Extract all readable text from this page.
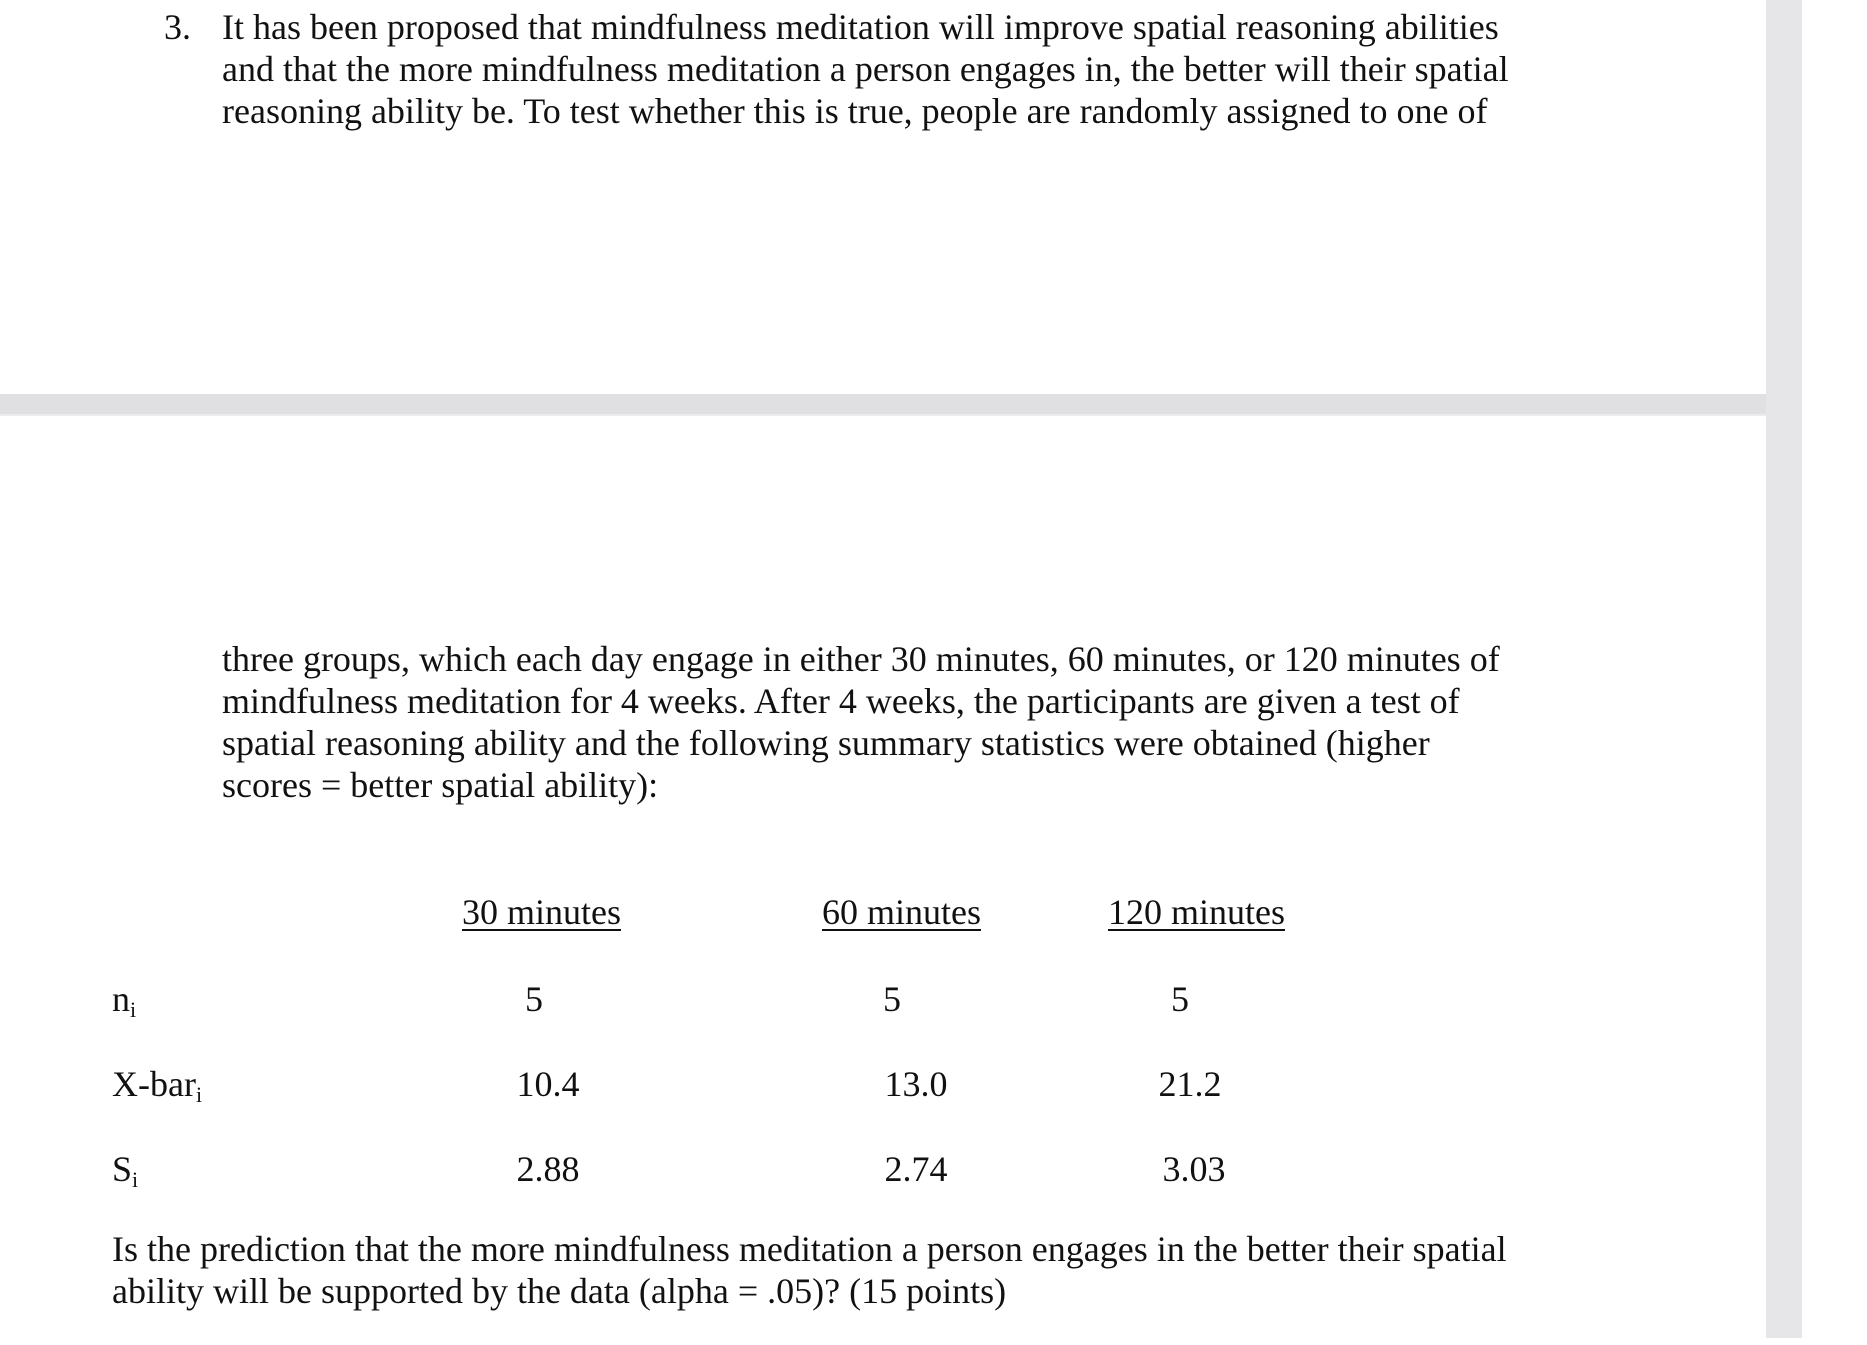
3. It has been proposed that mindfulness meditation will improve spatial reasoning abilities
and that the more mindfulness meditation a person engages in, the better will their spatial
reasoning ability be. To test whether this is true, people are randomly assigned to one of
three groups, which each day engage in either 30 minutes, 60 minutes, or 120 minutes of
mindfulness meditation for 4 weeks. After 4 weeks, the participants are given a test of
spatial reasoning ability and the following summary statistics were obtained (higher
scores = better spatial ability):
30 minutes	60 minutes	120 minutes
$n_i$	5	5	5
X-bar$_i$	10.4	13.0	21.2
$S_i$	2.88	2.74	3.03
Is the prediction that the more mindfulness meditation a person engages in the better their spatial
ability will be supported by the data (alpha = .05)? (15 points)
